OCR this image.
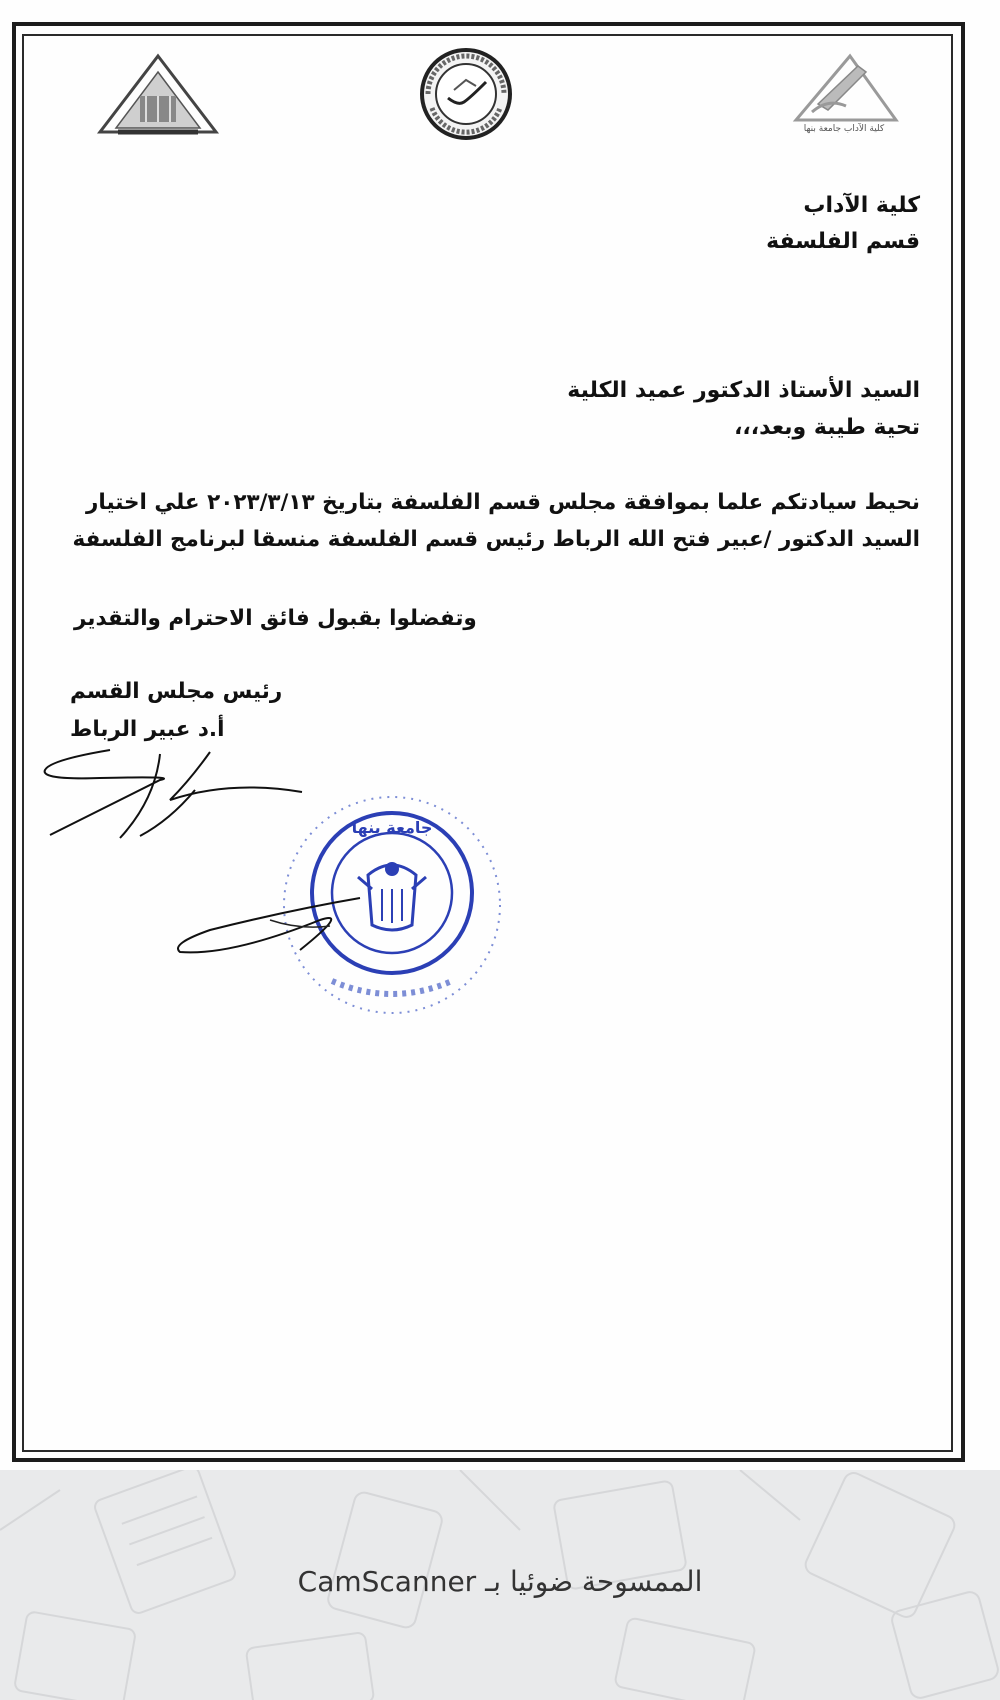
كلية الآداب جامعة بنها
كلية الآداب
قسم الفلسفة
السيد الأستاذ الدكتور عميد الكلية
تحية طيبة وبعد،،،
نحيط سيادتكم علما بموافقة مجلس قسم الفلسفة بتاريخ ٢٠٢٣/٣/١٣ علي اختيار
السيد الدكتور /عبير فتح الله الرباط رئيس قسم الفلسفة منسقا لبرنامج الفلسفة
وتفضلوا بقبول فائق الاحترام والتقدير
رئيس مجلس القسم
أ.د عبير الرباط
جامعة بنها
الممسوحة ضوئيا بـ CamScanner
